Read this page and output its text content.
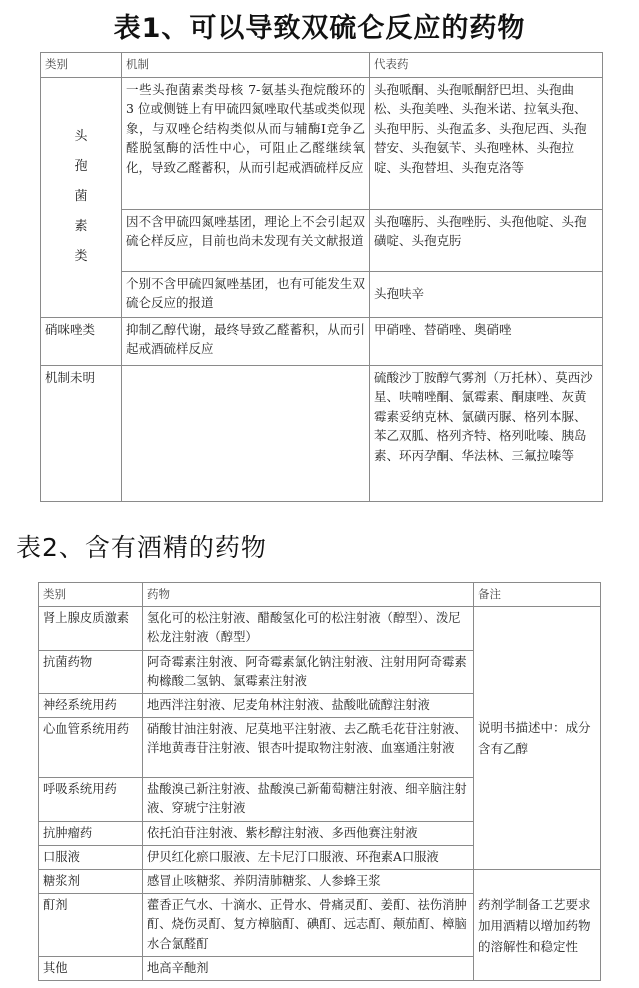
表1、可以导致双硫仑反应的药物
类别	机制	代表药

头孢菌素类	一些头孢菌素类母核 7-氨基头孢烷酸环的 3 位或侧链上有甲硫四氮唑取代基或类似现象，与双唑仑结构类似从而与辅酶Ⅰ竞争乙醛脱氢酶的活性中心，可阻止乙醛继续氧化，导致乙醛蓄积，从而引起戒酒硫样反应	头孢哌酮、头孢哌酮舒巴坦、头孢曲松、头孢美唑、头孢米诺、拉氧头孢、头孢甲肟、头孢孟多、头孢尼西、头孢替安、头孢氨苄、头孢唑林、头孢拉啶、头孢替坦、头孢克洛等
	因不含甲硫四氮唑基团，理论上不会引起双硫仑样反应，目前也尚未发现有关文献报道	头孢噻肟、头孢唑肟、头孢他啶、头孢磺啶、头孢克肟
	个别不含甲硫四氮唑基团，也有可能发生双硫仑反应的报道	头孢呋辛
硝咪唑类	抑制乙醇代谢，最终导致乙醛蓄积，从而引起戒酒硫样反应	甲硝唑、替硝唑、奥硝唑
机制未明		硫酸沙丁胺醇气雾剂（万托林）、莫西沙星、呋喃唑酮、氯霉素、酮康唑、灰黄霉素妥纳克林、氯磺丙脲、格列本脲、苯乙双胍、格列齐特、格列吡嗪、胰岛素、环丙孕酮、华法林、三氟拉嗪等
表2、含有酒精的药物
类别	药物	备注
肾上腺皮质激素	氢化可的松注射液、醋酸氢化可的松注射液（醇型）、泼尼松龙注射液（醇型）	说明书描述中：成分含有乙醇
抗菌药物	阿奇霉素注射液、阿奇霉素氯化钠注射液、注射用阿奇霉素枸橼酸二氢钠、氯霉素注射液	
神经系统用药	地西泮注射液、尼麦角林注射液、盐酸吡硫醇注射液	
心血管系统用药	硝酸甘油注射液、尼莫地平注射液、去乙酰毛花苷注射液、洋地黄毒苷注射液、银杏叶提取物注射液、血塞通注射液	
呼吸系统用药	盐酸溴己新注射液、盐酸溴己新葡萄糖注射液、细辛脑注射液、穿琥宁注射液	
抗肿瘤药	依托泊苷注射液、紫杉醇注射液、多西他赛注射液	
口服液	伊贝红化瘀口服液、左卡尼汀口服液、环孢素A口服液	
糖浆剂	感冒止咳糖浆、养阴清肺糖浆、人参蜂王浆	药剂学制备工艺要求加用酒精以增加药物的溶解性和稳定性
酊剂	藿香正气水、十滴水、正骨水、骨痛灵酊、姜酊、祛伤消肿酊、烧伤灵酊、复方樟脑酊、碘酊、远志酊、颠茄酊、樟脑水合氯醛酊	
其他	地高辛酏剂	
